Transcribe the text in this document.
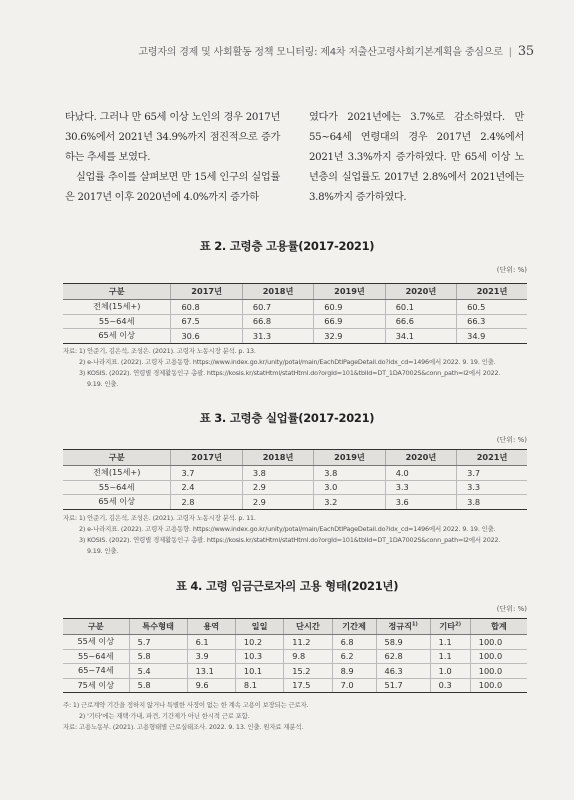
고령자의 경제 및 사회활동 정책 모니터링: 제4차 저출산고령사회기본계획을 중심으로 | 35

타났다. 그러나 만 65세 이상 노인의 경우 2017년 30.6%에서 2021년 34.9%까지 점진적으로 증가하는 추세를 보였다.

실업률 추이를 살펴보면 만 15세 인구의 실업률은 2017년 이후 2020년에 4.0%까지 증가하

였다가 2021년에는 3.7%로 감소하였다. 만 55~64세 연령대의 경우 2017년 2.4%에서 2021년 3.3%까지 증가하였다. 만 65세 이상 노년층의 실업률도 2017년 2.8%에서 2021년에는 3.8%까지 증가하였다.

표 2. 고령층 고용률(2017-2021)
(단위: %)
구분	2017년	2018년	2019년	2020년	2021년
전체(15세+)	60.8	60.7	60.9	60.1	60.5
55~64세	67.5	66.8	66.9	66.6	66.3
65세 이상	30.6	31.3	32.9	34.1	34.9
자료: 1) 안준기, 김은석, 조성은. (2021). 고령자 노동시장 분석. p. 13.
2) e-나라지표. (2022). 고령자 고용동향. https://www.index.go.kr/unity/potal/main/EachDtlPageDetail.do?idx_cd=1496에서 2022. 9. 19. 인출.
3) KOSIS. (2022). 연령별 경제활동인구 총괄. https://kosis.kr/statHtml/statHtml.do?orgId=101&tblId=DT_1DA7002S&conn_path=I2에서 2022.
9.19. 인출.
표 3. 고령층 실업률(2017-2021)
(단위: %)
구분	2017년	2018년	2019년	2020년	2021년
전체(15세+)	3.7	3.8	3.8	4.0	3.7
55~64세	2.4	2.9	3.0	3.3	3.3
65세 이상	2.8	2.9	3.2	3.6	3.8
자료: 1) 안준기, 김은석, 조성은. (2021). 고령자 노동시장 분석. p. 11.
2) e-나라지표. (2022). 고령자 고용동향. https://www.index.go.kr/unity/potal/main/EachDtlPageDetail.do?idx_cd=1496에서 2022. 9. 19. 인출.
3) KOSIS. (2022). 연령별 경제활동인구 총괄. https://kosis.kr/statHtml/statHtml.do?orgId=101&tblId=DT_1DA7002S&conn_path=I2에서 2022.
9.19. 인출.
표 4. 고령 임금근로자의 고용 형태(2021년)
(단위: %)
구분	특수형태	용역	일일	단시간	기간제	정규직$^{1)}$	기타$^{2)}$	합계
55세 이상	5.7	6.1	10.2	11.2	6.8	58.9	1.1	100.0
55~64세	5.8	3.9	10.3	9.8	6.2	62.8	1.1	100.0
65~74세	5.4	13.1	10.1	15.2	8.9	46.3	1.0	100.0
75세 이상	5.8	9.6	8.1	17.5	7.0	51.7	0.3	100.0
주: 1) 근로계약 기간을 정하지 않거나 특별한 사정이 없는 한 계속 고용이 보장되는 근로자.
2) '기타'에는 재택·가내, 파견, 기간제가 아닌 한시적 근로 포함.
자료: 고용노동부. (2021). 고용형태별 근로실태조사. 2022. 9. 13. 인출. 원자료 재분석.
